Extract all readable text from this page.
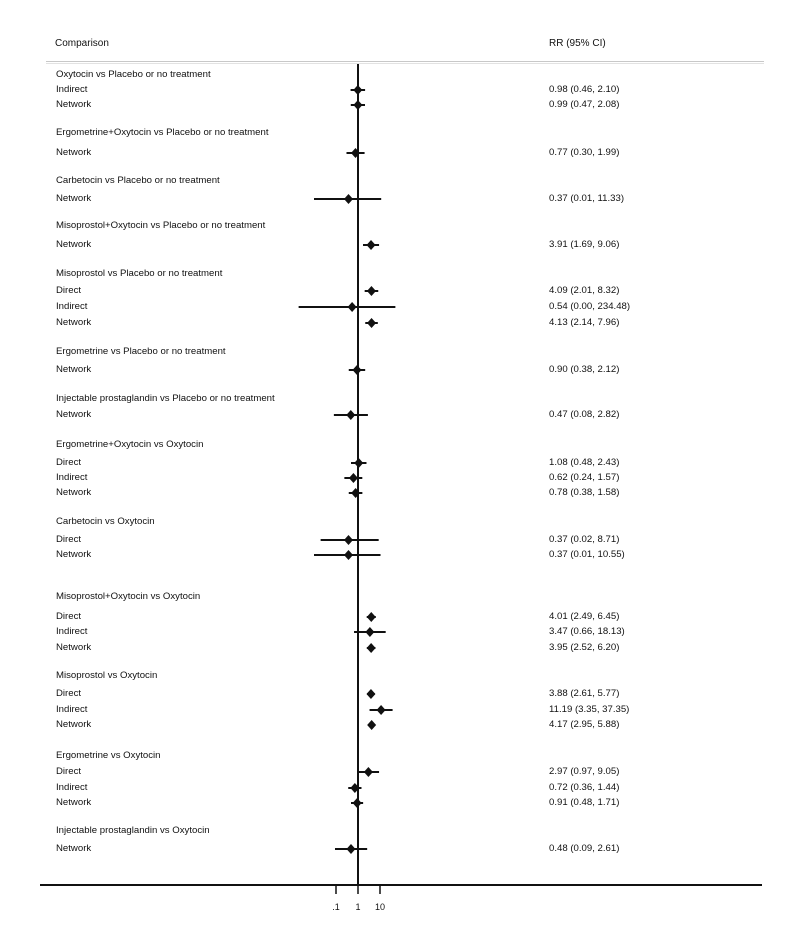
Comparison	RR (95% CI)
.1	1	10
Oxytocin vs Placebo or no treatment
Indirect	0.98 (0.46, 2.10)
Network	0.99 (0.47, 2.08)
Ergometrine+Oxytocin vs Placebo or no treatment
Network	0.77 (0.30, 1.99)
Carbetocin vs Placebo or no treatment
Network	0.37 (0.01, 11.33)
Misoprostol+Oxytocin vs Placebo or no treatment
Network	3.91 (1.69, 9.06)
Misoprostol vs Placebo or no treatment
Direct	4.09 (2.01, 8.32)
Indirect	0.54 (0.00, 234.48)
Network	4.13 (2.14, 7.96)
Ergometrine vs Placebo or no treatment
Network	0.90 (0.38, 2.12)
Injectable prostaglandin vs Placebo or no treatment
Network	0.47 (0.08, 2.82)
Ergometrine+Oxytocin vs Oxytocin
Direct	1.08 (0.48, 2.43)
Indirect	0.62 (0.24, 1.57)
Network	0.78 (0.38, 1.58)
Carbetocin vs Oxytocin
Direct	0.37 (0.02, 8.71)
Network	0.37 (0.01, 10.55)
Misoprostol+Oxytocin vs Oxytocin
Direct	4.01 (2.49, 6.45)
Indirect	3.47 (0.66, 18.13)
Network	3.95 (2.52, 6.20)
Misoprostol vs Oxytocin
Direct	3.88 (2.61, 5.77)
Indirect	11.19 (3.35, 37.35)
Network	4.17 (2.95, 5.88)
Ergometrine vs Oxytocin
Direct	2.97 (0.97, 9.05)
Indirect	0.72 (0.36, 1.44)
Network	0.91 (0.48, 1.71)
Injectable prostaglandin vs Oxytocin
Network	0.48 (0.09, 2.61)
